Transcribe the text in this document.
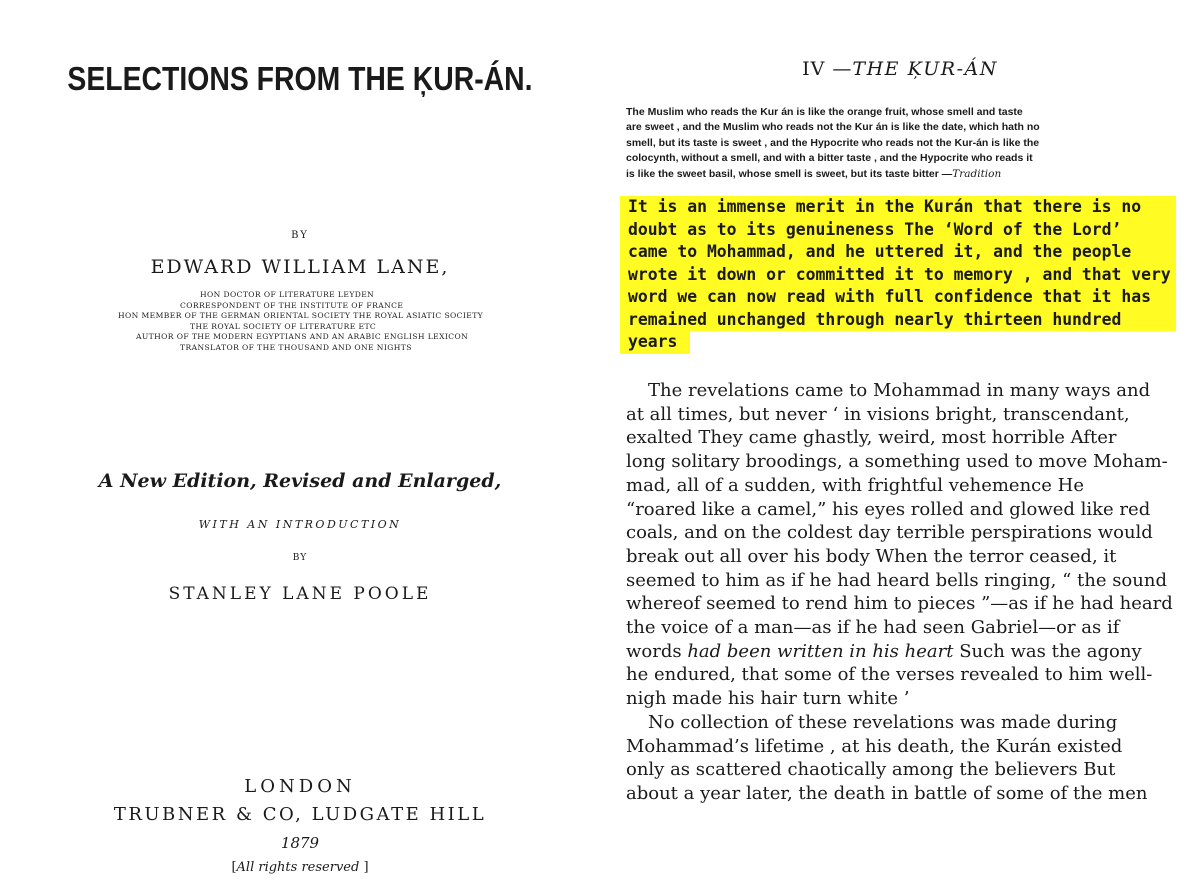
SELECTIONS FROM THE ĶUR-ÁN.
BY
EDWARD WILLIAM LANE,
HON DOCTOR OF LITERATURE LEYDEN
CORRESPONDENT OF THE INSTITUTE OF FRANCE
HON MEMBER OF THE GERMAN ORIENTAL SOCIETY THE ROYAL ASIATIC SOCIETY
THE ROYAL SOCIETY OF LITERATURE ETC
AUTHOR OF THE MODERN EGYPTIANS AND AN ARABIC ENGLISH LEXICON
TRANSLATOR OF THE THOUSAND AND ONE NIGHTS
A New Edition, Revised and Enlarged,
WITH AN INTRODUCTION
BY
STANLEY LANE POOLE
LONDON
TRUBNER & CO, LUDGATE HILL
1879
[All rights reserved ]
IV —THE ĶUR-ÁN
The Muslim who reads the Kur án is like the orange fruit, whose smell and taste
are sweet , and the Muslim who reads not the Kur án is like the date, which hath no
smell, but its taste is sweet , and the Hypocrite who reads not the Kur-án is like the
colocynth, without a smell, and with a bitter taste , and the Hypocrite who reads it
is like the sweet basil, whose smell is sweet, but its taste bitter —Tradition
It is an immense merit in the Kurán that there is no
doubt as to its genuineness The ‘Word of the Lord’
came to Mohammad, and he uttered it, and the people
wrote it down or committed it to memory , and that very
word we can now read with full confidence that it has
remained unchanged through nearly thirteen hundred
years
The revelations came to Mohammad in many ways and
at all times, but never ‘ in visions bright, transcendant,
exalted They came ghastly, weird, most horrible After
long solitary broodings, a something used to move Moham-
mad, all of a sudden, with frightful vehemence He
“roared like a camel,” his eyes rolled and glowed like red
coals, and on the coldest day terrible perspirations would
break out all over his body When the terror ceased, it
seemed to him as if he had heard bells ringing, “ the sound
whereof seemed to rend him to pieces ”—as if he had heard
the voice of a man—as if he had seen Gabriel—or as if
words had been written in his heart Such was the agony
he endured, that some of the verses revealed to him well-
nigh made his hair turn white ’
No collection of these revelations was made during
Mohammad’s lifetime , at his death, the Kurán existed
only as scattered chaotically among the believers But
about a year later, the death in battle of some of the men
